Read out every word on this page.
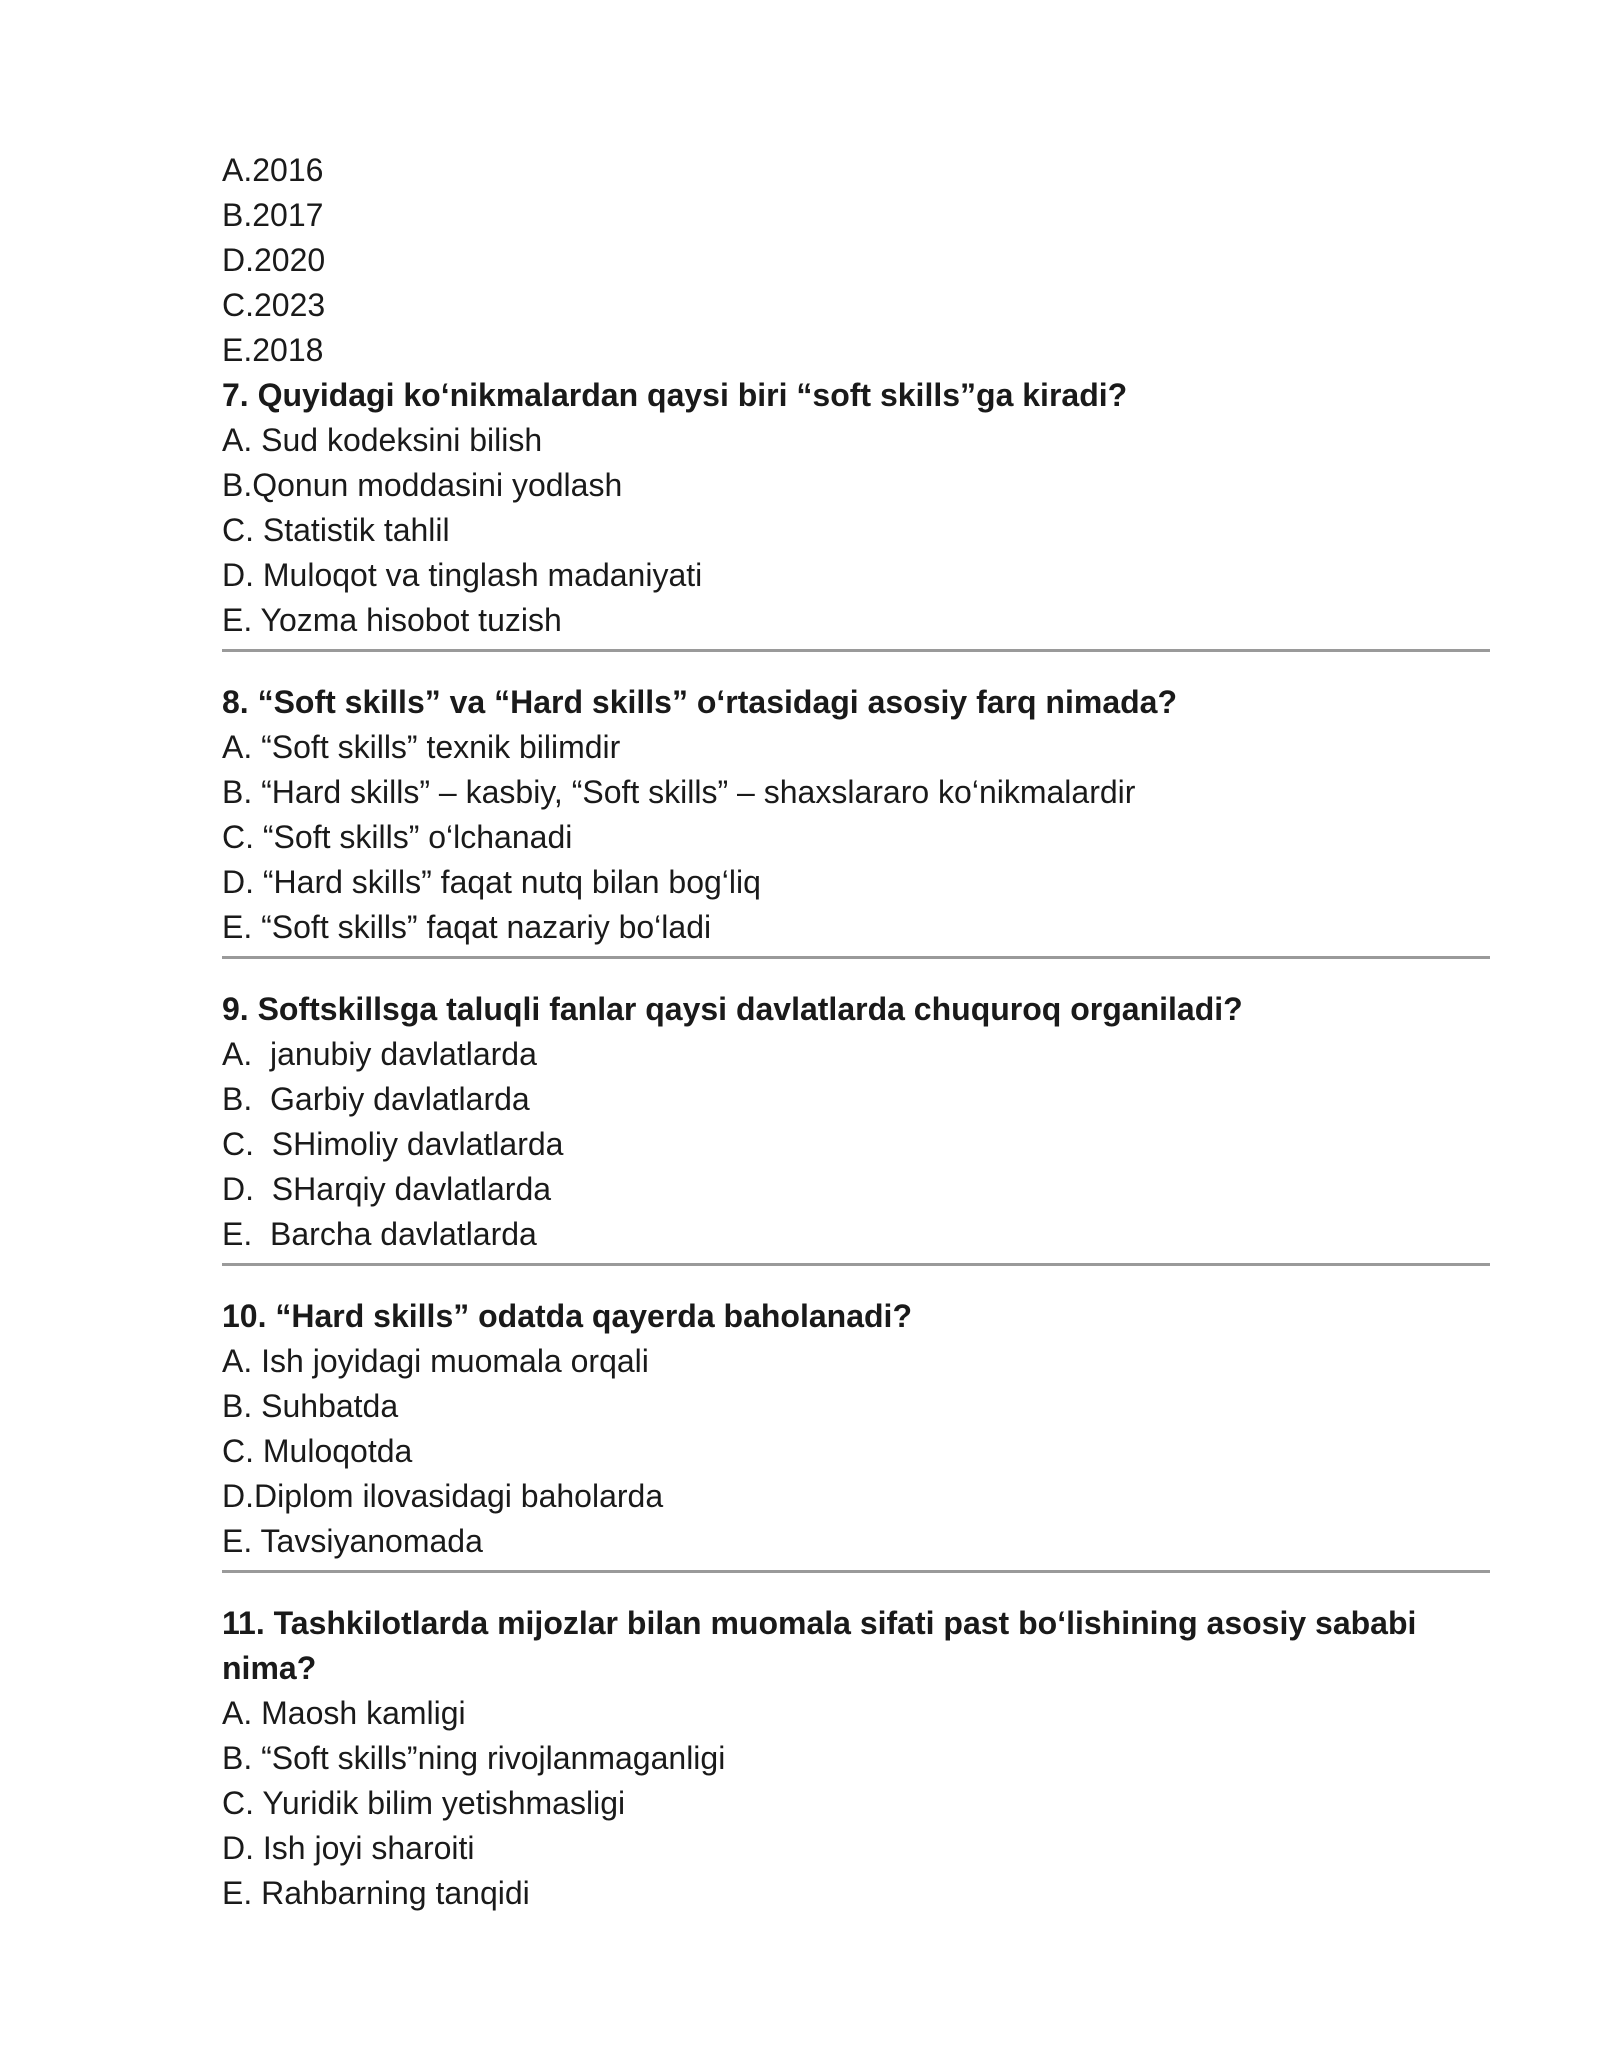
A.2016

B.2017

D.2020

C.2023

E.2018

7. Quyidagi ko‘nikmalardan qaysi biri “soft skills”ga kiradi?

A. Sud kodeksini bilish

B.Qonun moddasini yodlash

C. Statistik tahlil

D. Muloqot va tinglash madaniyati

E. Yozma hisobot tuzish

8. “Soft skills” va “Hard skills” o‘rtasidagi asosiy farq nimada?

A. “Soft skills” texnik bilimdir

B. “Hard skills” – kasbiy, “Soft skills” – shaxslararo ko‘nikmalardir

C. “Soft skills” o‘lchanadi

D. “Hard skills” faqat nutq bilan bog‘liq

E. “Soft skills” faqat nazariy bo‘ladi

9. Softskillsga taluqli fanlar qaysi davlatlarda chuquroq organiladi?

A.  janubiy davlatlarda

B.  Garbiy davlatlarda

C.  SHimoliy davlatlarda

D.  SHarqiy davlatlarda

E.  Barcha davlatlarda

10. “Hard skills” odatda qayerda baholanadi?

A. Ish joyidagi muomala orqali

B. Suhbatda

C. Muloqotda

D.Diplom ilovasidagi baholarda

E. Tavsiyanomada

11. Tashkilotlarda mijozlar bilan muomala sifati past bo‘lishining asosiy sababi nima?

A. Maosh kamligi

B. “Soft skills”ning rivojlanmaganligi

C. Yuridik bilim yetishmasligi

D. Ish joyi sharoiti

E. Rahbarning tanqidi
